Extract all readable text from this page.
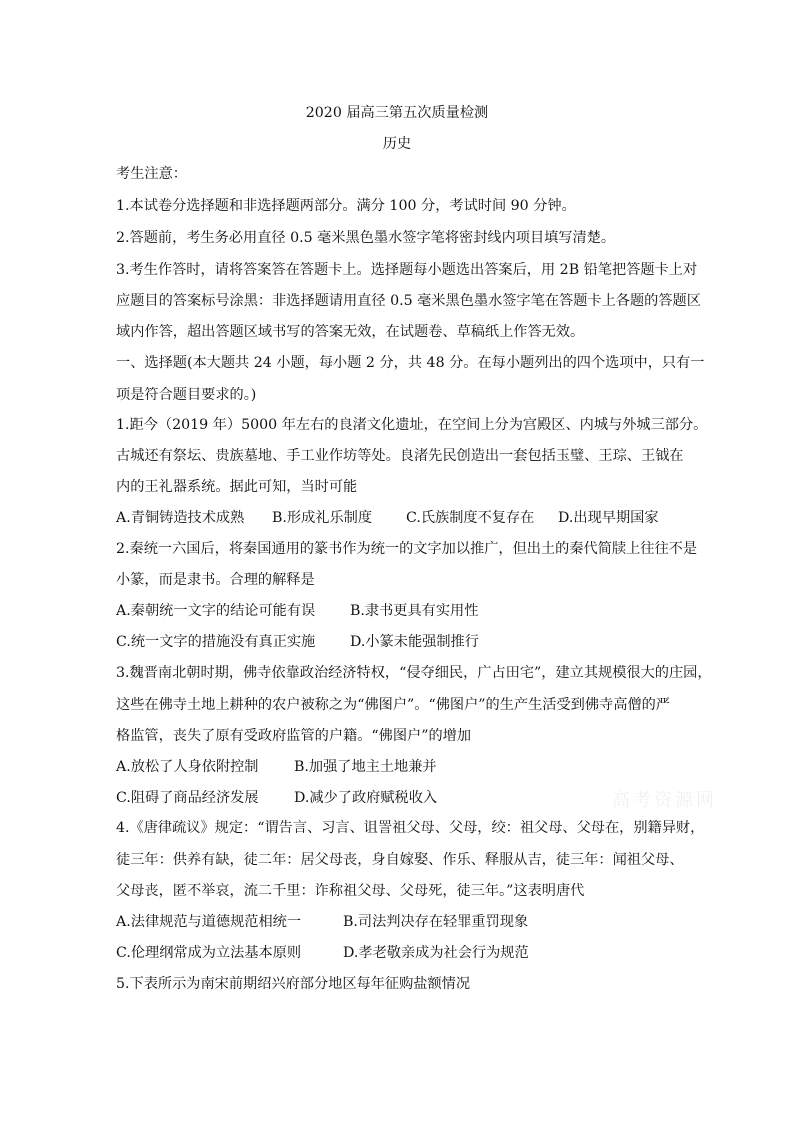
2020 届高三第五次质量检测
历史
考生注意：
1.本试卷分选择题和非选择题两部分。满分 100 分，考试时间 90 分钟。
2.答题前，考生务必用直径 0.5 毫米黑色墨水签字笔将密封线内项目填写清楚。
3.考生作答时，请将答案答在答题卡上。选择题每小题选出答案后，用 2B 铅笔把答题卡上对
应题目的答案标号涂黑：非选择题请用直径 0.5 毫米黑色墨水签字笔在答题卡上各题的答题区
域内作答，超出答题区域书写的答案无效，在试题卷、草稿纸上作答无效。
一、选择题(本大题共 24 小题，每小题 2 分，共 48 分。在每小题列出的四个选项中，只有一
项是符合题目要求的。)
1.距今（2019 年）5000 年左右的良渚文化遗址，在空间上分为宫殿区、内城与外城三部分。
古城还有祭坛、贵族墓地、手工业作坊等处。良渚先民创造出一套包括玉璧、王琮、王钺在
内的王礼器系统。据此可知，当时可能
A.青铜铸造技术成熟 B.形成礼乐制度 C.氏族制度不复存在 D.出现早期国家
2.秦统一六国后，将秦国通用的篆书作为统一的文字加以推广，但出土的秦代简牍上往往不是
小篆，而是隶书。合理的解释是
A.秦朝统一文字的结论可能有误 B.隶书更具有实用性
C.统一文字的措施没有真正实施 D.小篆未能强制推行
3.魏晋南北朝时期，佛寺依靠政治经济特权，“侵夺细民，广占田宅”，建立其规模很大的庄园，
这些在佛寺土地上耕种的农户被称之为“佛图户”。“佛图户”的生产生活受到佛寺高僧的严
格监管，丧失了原有受政府监管的户籍。“佛图户”的增加
A.放松了人身依附控制	B.加强了地主土地兼并
C.阻碍了商品经济发展 D.减少了政府赋税收入
4.《唐律疏议》规定：“谓告言、习言、诅詈祖父母、父母，绞：祖父母、父母在，别籍异财，
徒三年：供养有缺，徒二年：居父母丧，身自嫁娶、作乐、释服从吉，徒三年：闻祖父母、
父母丧，匿不举哀，流二千里：诈称祖父母、父母死，徒三年。”这表明唐代
A.法律规范与道德规范相统一	B.司法判决存在轻罪重罚现象
C.伦理纲常成为立法基本原则	D.孝老敬亲成为社会行为规范
5.下表所示为南宋前期绍兴府部分地区每年征购盐额情况
高考资源网
